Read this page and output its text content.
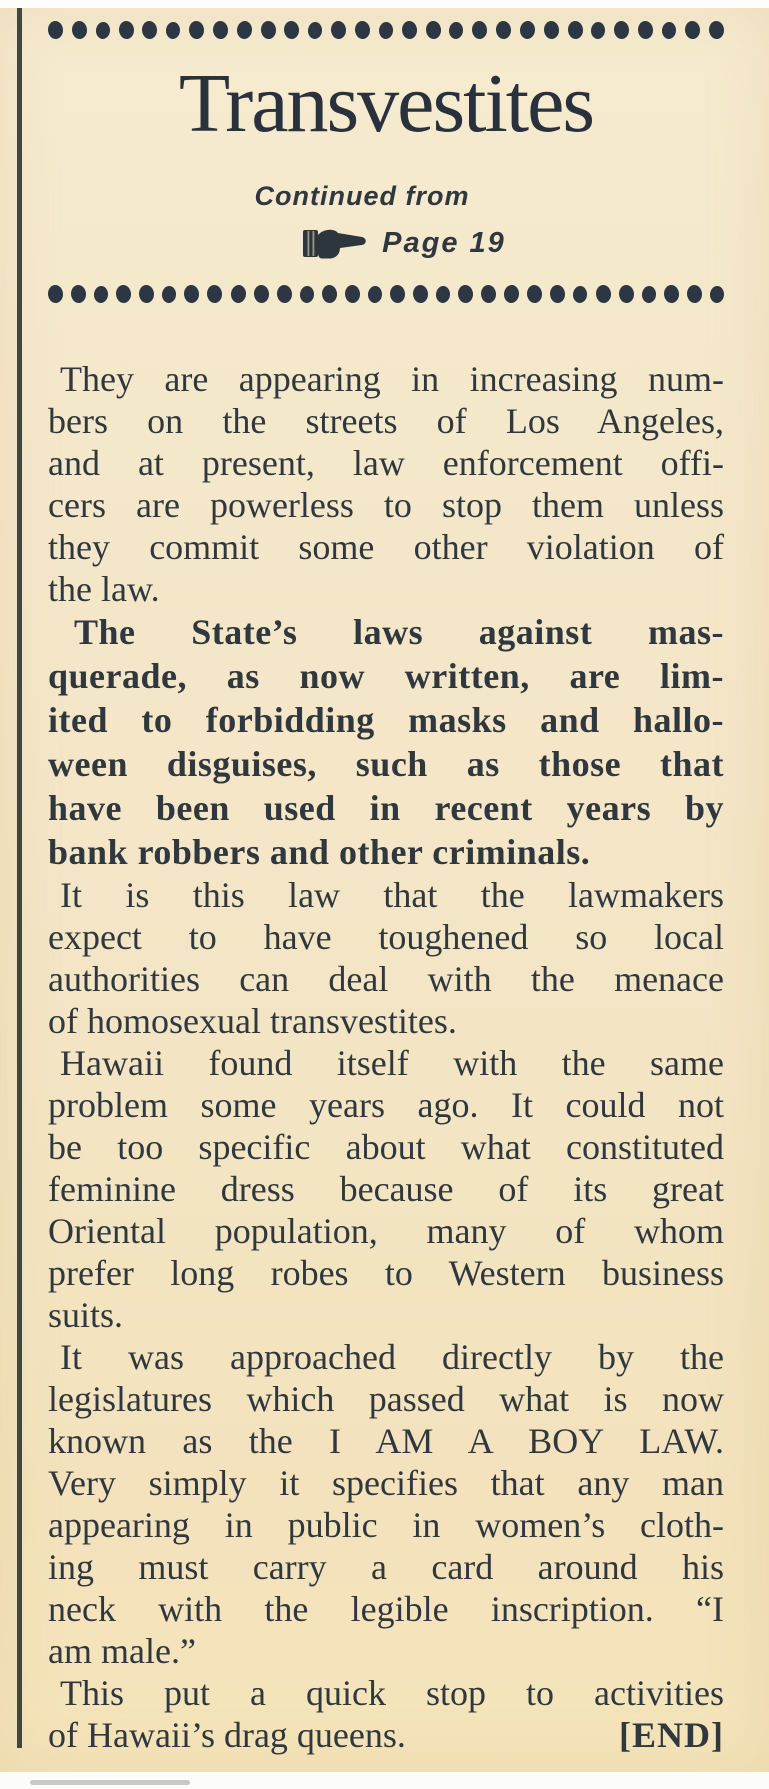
Transvestites
Continued from
Page 19
They are appearing in increasing num-
bers on the streets of Los Angeles,
and at present, law enforcement offi-
cers are powerless to stop them unless
they commit some other violation of
the law.
The State’s laws against mas-
querade, as now written, are lim-
ited to forbidding masks and hallo-
ween disguises, such as those that
have been used in recent years by
bank robbers and other criminals.
It is this law that the lawmakers
expect to have toughened so local
authorities can deal with the menace
of homosexual transvestites.
Hawaii found itself with the same
problem some years ago. It could not
be too specific about what constituted
feminine dress because of its great
Oriental population, many of whom
prefer long robes to Western business
suits.
It was approached directly by the
legislatures which passed what is now
known as the I AM A BOY LAW.
Very simply it specifies that any man
appearing in public in women’s cloth-
ing must carry a card around his
neck with the legible inscription. “I
am male.”
This put a quick stop to activities
of Hawaii’s drag queens.	[END]
